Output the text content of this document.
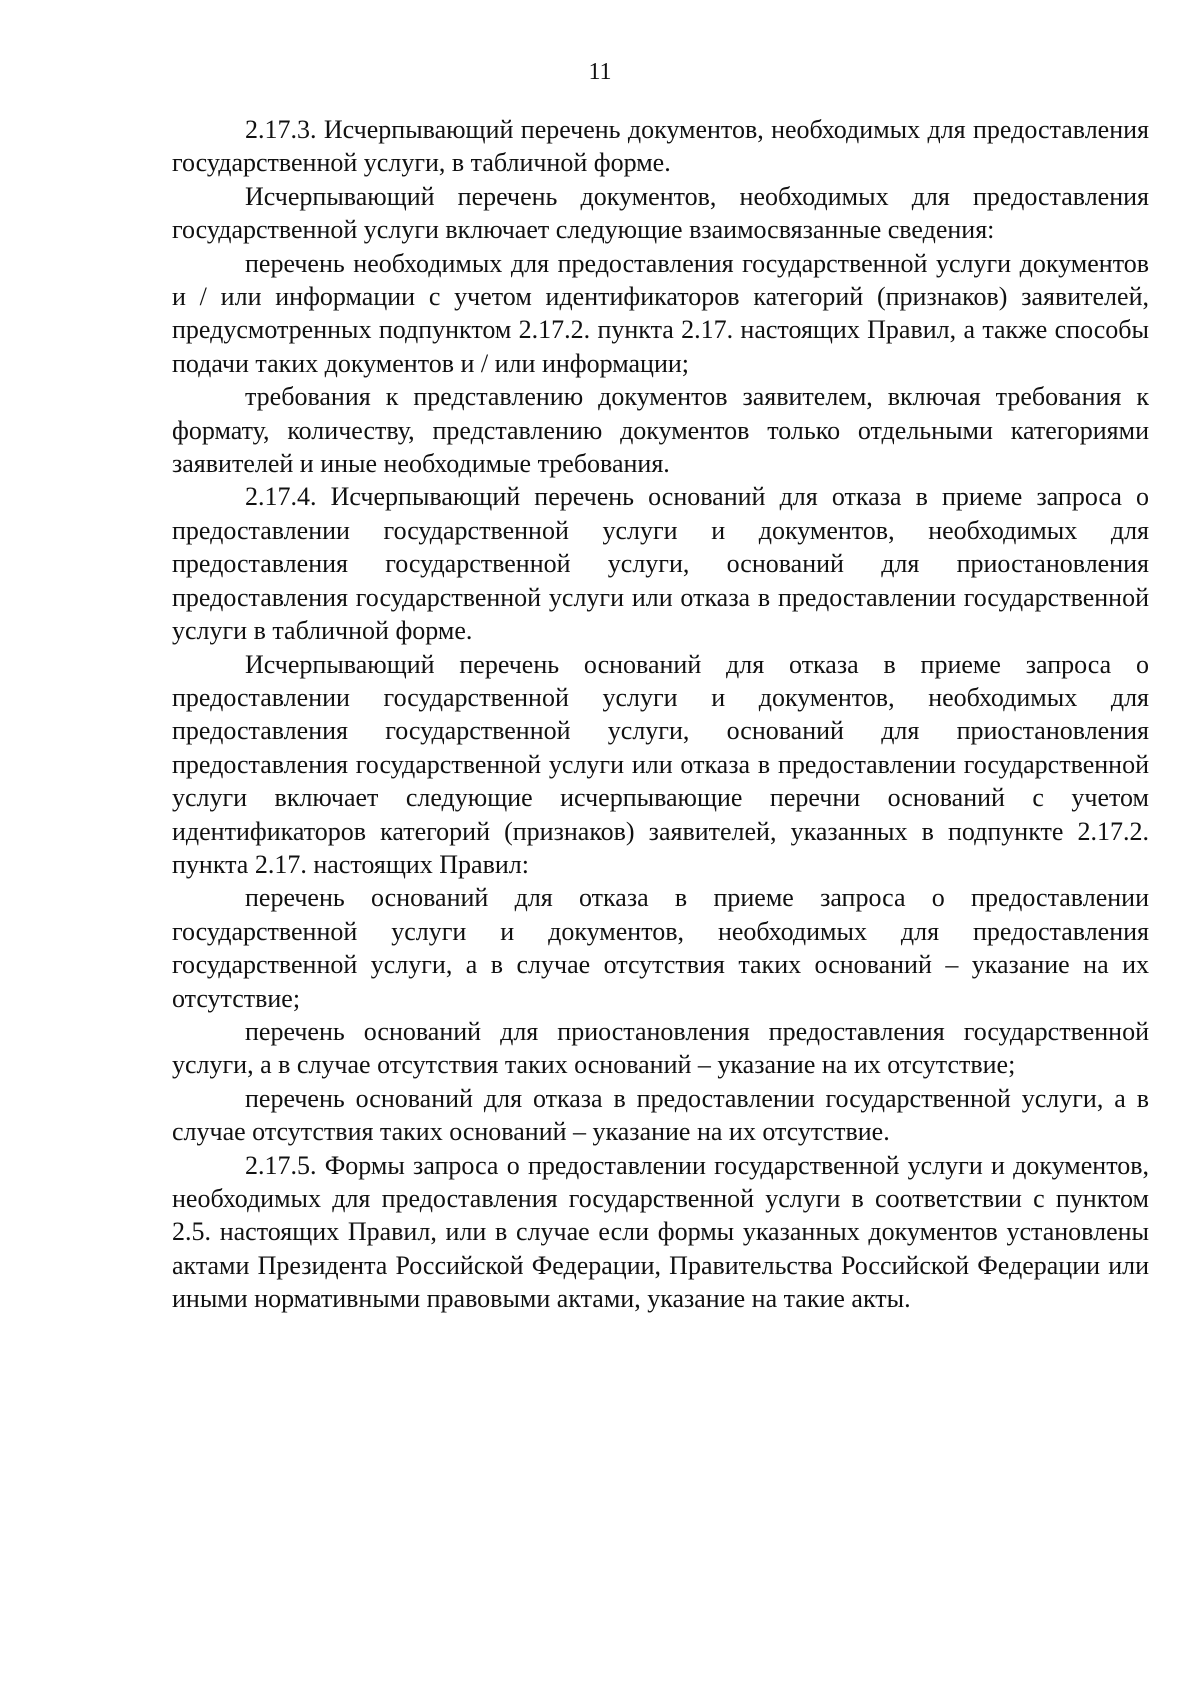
11

2.17.3. Исчерпывающий перечень документов, необходимых для предоставления государственной услуги, в табличной форме.

Исчерпывающий перечень документов, необходимых для предоставления государственной услуги включает следующие взаимосвязанные сведения:

перечень необходимых для предоставления государственной услуги документов и / или информации с учетом идентификаторов категорий (признаков) заявителей, предусмотренных подпунктом 2.17.2. пункта 2.17. настоящих Правил, а также способы подачи таких документов и / или информации;

требования к представлению документов заявителем, включая требования к формату, количеству, представлению документов только отдельными категориями заявителей и иные необходимые требования.

2.17.4. Исчерпывающий перечень оснований для отказа в приеме запроса о предоставлении государственной услуги и документов, необходимых для предоставления государственной услуги, оснований для приостановления предоставления государственной услуги или отказа в предоставлении государственной услуги в табличной форме.

Исчерпывающий перечень оснований для отказа в приеме запроса о предоставлении государственной услуги и документов, необходимых для предоставления государственной услуги, оснований для приостановления предоставления государственной услуги или отказа в предоставлении государственной услуги включает следующие исчерпывающие перечни оснований с учетом идентификаторов категорий (признаков) заявителей, указанных в подпункте 2.17.2. пункта 2.17. настоящих Правил:

перечень оснований для отказа в приеме запроса о предоставлении государственной услуги и документов, необходимых для предоставления государственной услуги, а в случае отсутствия таких оснований – указание на их отсутствие;

перечень оснований для приостановления предоставления государственной услуги, а в случае отсутствия таких оснований – указание на их отсутствие;

перечень оснований для отказа в предоставлении государственной услуги, а в случае отсутствия таких оснований – указание на их отсутствие.

2.17.5. Формы запроса о предоставлении государственной услуги и документов, необходимых для предоставления государственной услуги в соответствии с пунктом 2.5. настоящих Правил, или в случае если формы указанных документов установлены актами Президента Российской Федерации, Правительства Российской Федерации или иными нормативными правовыми актами, указание на такие акты.
